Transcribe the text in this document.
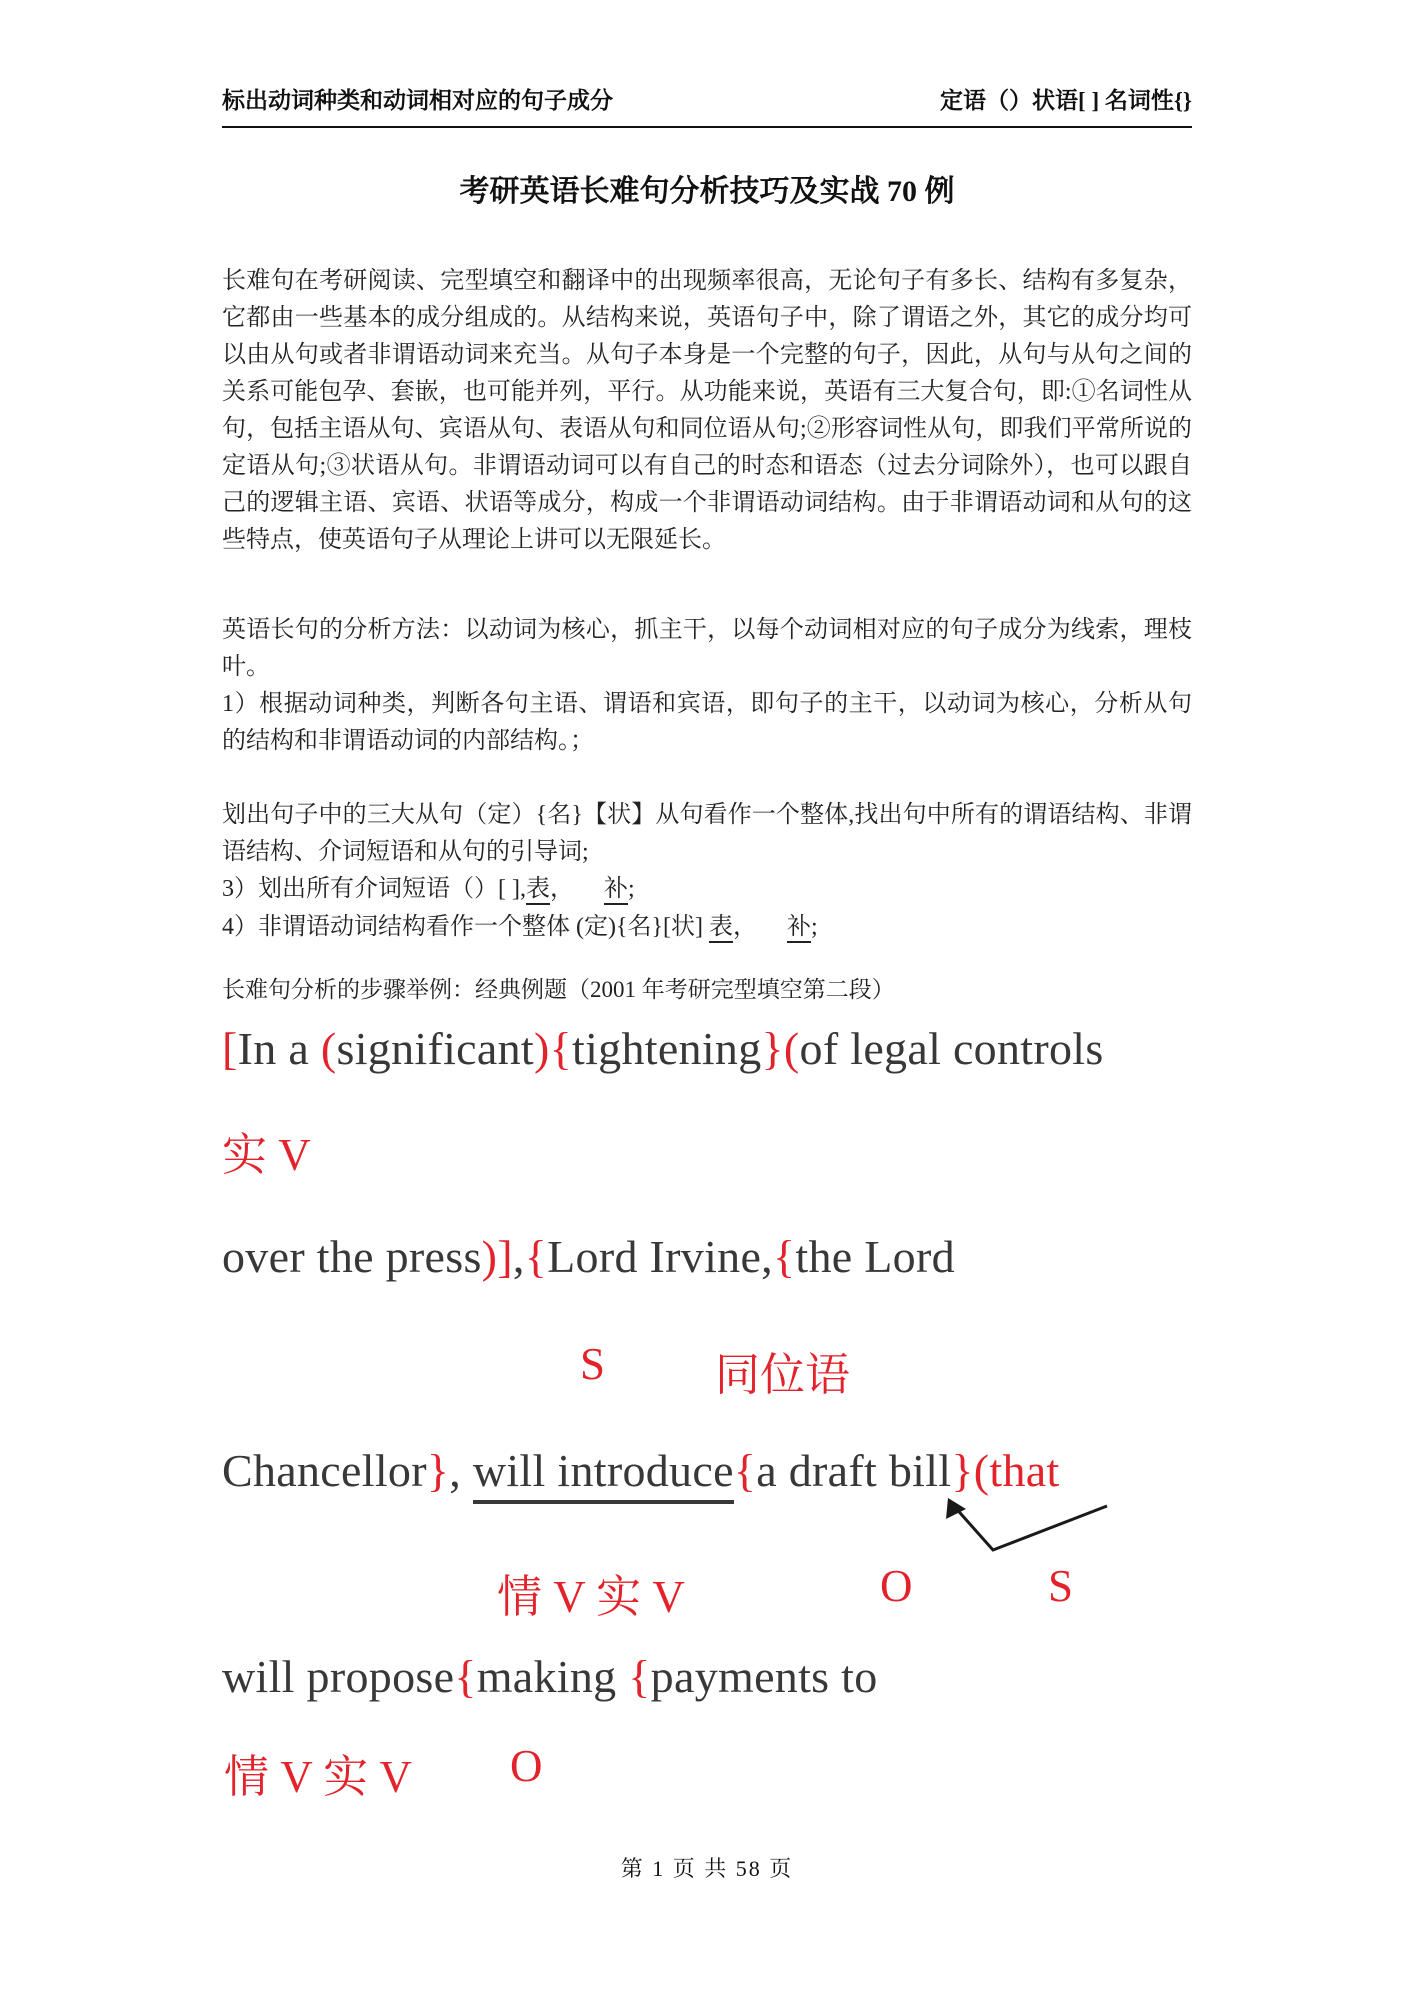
标出动词种类和动词相对应的句子成分	定语（）状语[ ] 名词性{}
考研英语长难句分析技巧及实战 70 例
长难句在考研阅读、完型填空和翻译中的出现频率很高，无论句子有多长、结构有多复杂，它都由一些基本的成分组成的。从结构来说，英语句子中，除了谓语之外，其它的成分均可以由从句或者非谓语动词来充当。从句子本身是一个完整的句子，因此，从句与从句之间的关系可能包孕、套嵌，也可能并列，平行。从功能来说，英语有三大复合句，即:①名词性从句，包括主语从句、宾语从句、表语从句和同位语从句;②形容词性从句，即我们平常所说的定语从句;③状语从句。非谓语动词可以有自己的时态和语态（过去分词除外），也可以跟自己的逻辑主语、宾语、状语等成分，构成一个非谓语动词结构。由于非谓语动词和从句的这些特点，使英语句子从理论上讲可以无限延长。
英语长句的分析方法：以动词为核心，抓主干，以每个动词相对应的句子成分为线索，理枝叶。
1）根据动词种类，判断各句主语、谓语和宾语，即句子的主干，以动词为核心，分析从句的结构和非谓语动词的内部结构。；
划出句子中的三大从句（定）{名}【状】从句看作一个整体,找出句中所有的谓语结构、非谓语结构、介词短语和从句的引导词;
3）划出所有介词短语（）[ ],表， 补;
4）非谓语动词结构看作一个整体 (定){名}[状] 表， 补;
长难句分析的步骤举例：经典例题（2001 年考研完型填空第二段）
[In a (significant){tightening}(of legal controls

实 V

over the press)],{Lord Irvine,{the Lord

S

同位语

Chancellor}, will introduce{a draft bill}(that

情 V 实 V

	O

	S

will propose{making {payments to

情 V 实 V

O

第 1 页 共 58 页
